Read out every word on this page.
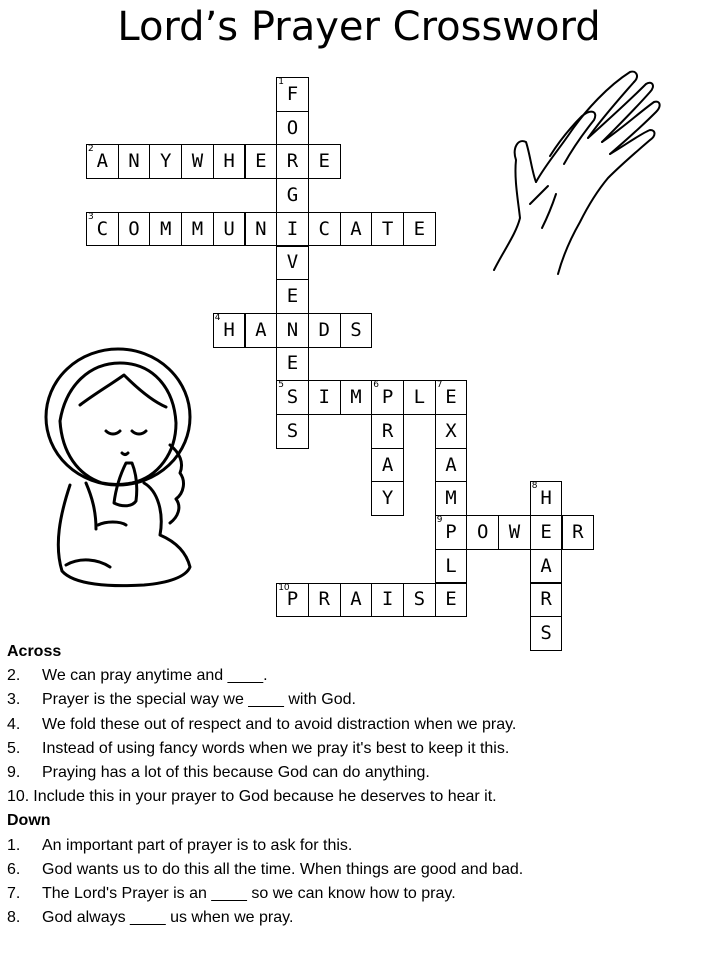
Lord’s Prayer Crossword
1
F
O
2
A	N	Y	W	H	E	R	E
G
3
C	O	M	M	U	N	I	C	A	T	E
V
E
4
H	A	N	D	S
E
5
S	I	M
6
P	L
7
E
S	R	X
A	A
Y	M
8
H
9
P	O	W	E	R
L	A
10
P	R	A	I	S	E	R
S
Across
2.	We can pray anytime and ____.
3.	Prayer is the special way we ____ with God.
4.	We fold these out of respect and to avoid distraction when we pray.
5.	Instead of using fancy words when we pray it's best to keep it this.
9.	Praying has a lot of this because God can do anything.
10. Include this in your prayer to God because he deserves to hear it.
Down
1.	An important part of prayer is to ask for this.
6.	God wants us to do this all the time. When things are good and bad.
7.	The Lord's Prayer is an ____ so we can know how to pray.
8.	God always ____ us when we pray.
